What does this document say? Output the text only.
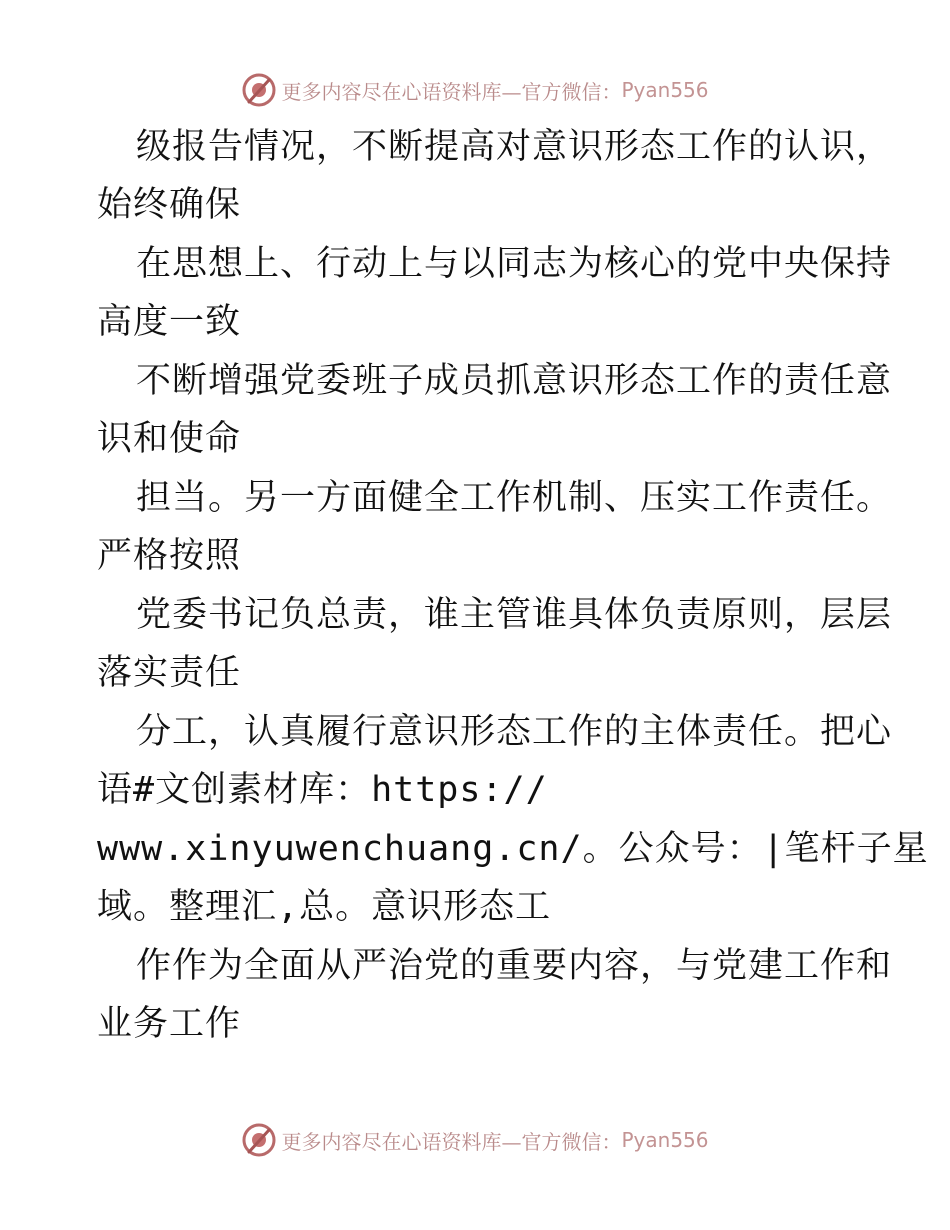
更多内容尽在心语资料库—官方微信： Pyan556
级报告情况，不断提高对意识形态工作的认识，
始终确保
在思想上、行动上与以同志为核心的党中央保持
高度一致
不断增强党委班子成员抓意识形态工作的责任意
识和使命
担当。另一方面健全工作机制、压实工作责任。
严格按照
党委书记负总责，谁主管谁具体负责原则，层层
落实责任
分工，认真履行意识形态工作的主体责任。把心
语#文创素材库：https://
www.xinyuwenchuang.cn/。公众号：|笔杆子星
域。整理汇,总。意识形态工
作作为全面从严治党的重要内容，与党建工作和
业务工作
更多内容尽在心语资料库—官方微信： Pyan556
